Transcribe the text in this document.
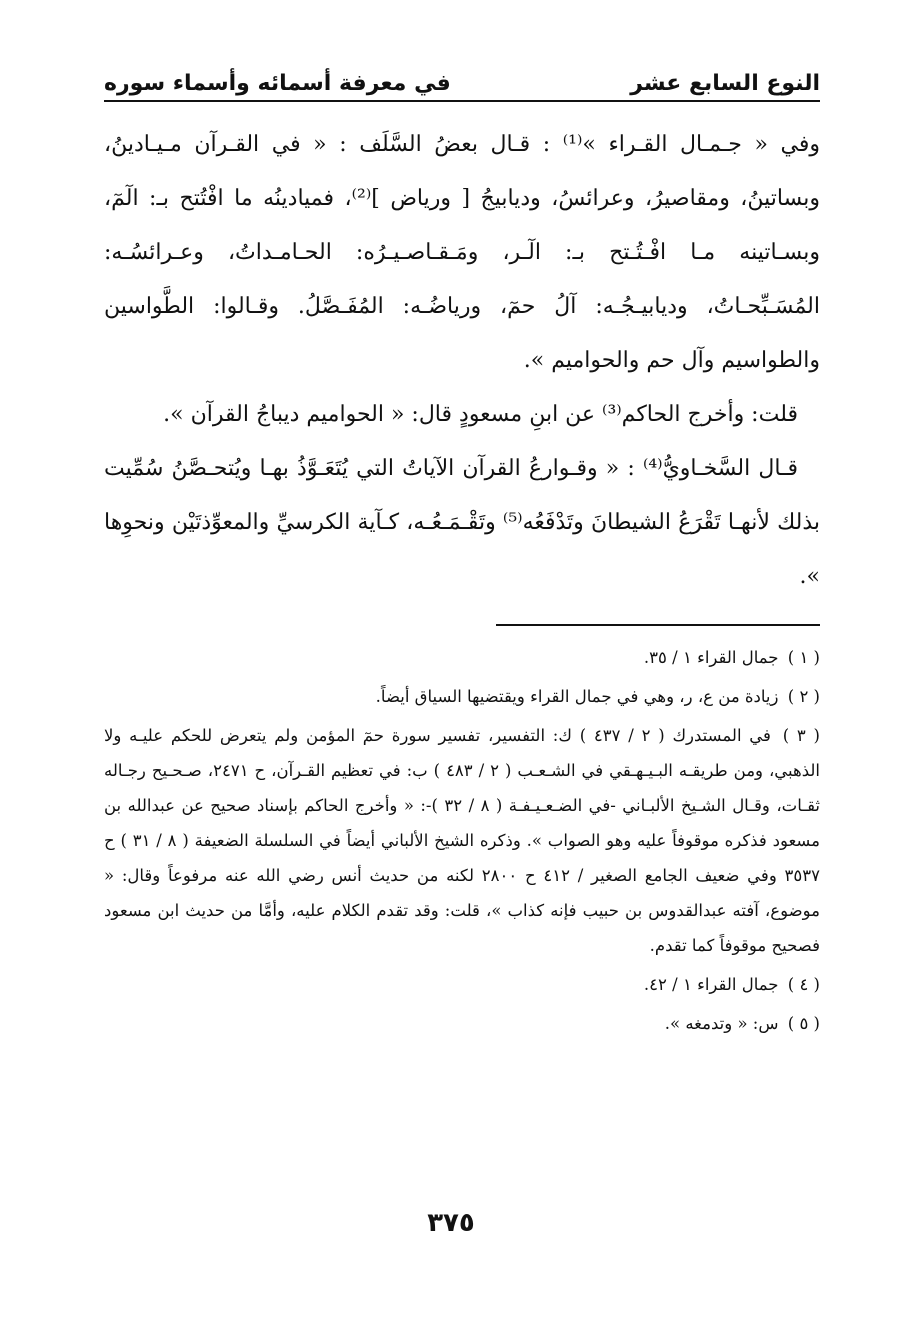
النوع السابع عشر
في معرفة أسمائه وأسماء سوره

وفي « جـمـال القـراء »⁽¹⁾ : قـال بعضُ السَّلَف : « في القـرآن مـيـادينُ، وبساتينُ، ومقاصيرُ، وعرائسُ، وديابيجُ [ ورياض ]⁽²⁾، فميادينُه ما افْتُتح بـ: الٓمٓ، وبسـاتينه مـا افْـتُـتح بـ: الٓـر، ومَـقـاصـيـرُه: الحـامـداتُ، وعـرائسُـه: المُسَـبِّحـاتُ، وديابيـجُـه: آلُ حمٓ، ورياضُـه: المُفَـصَّلُ. وقـالوا: الطَّواسين والطواسيم وآل حم والحواميم ».

قلت: وأخرج الحاكم⁽³⁾ عن ابنِ مسعودٍ قال: « الحواميم ديباجُ القرآن ».

قـال السَّخـاويُّ⁽⁴⁾ : « وقـوارعُ القرآن الآياتُ التي يُتَعَـوَّذُ بهـا ويُتحـصَّنُ سُمِّيت بذلك لأنهـا تَقْرَعُ الشيطانَ وتَدْفَعُه⁽⁵⁾ وتَقْـمَـعُـه، كـآية الكرسيِّ والمعوِّذتَيْن ونحوِها ».

( ١ ) جمال القراء ١ / ٣٥.

( ٢ ) زيادة من ع، ر، وهي في جمال القراء ويقتضيها السياق أيضاً.

( ٣ ) في المستدرك ( ٢ / ٤٣٧ ) ك: التفسير، تفسير سورة حمٓ المؤمن ولم يتعرض للحكم عليـه ولا الذهبي، ومن طريقـه البـيـهـقي في الشـعـب ( ٢ / ٤٨٣ ) ب: في تعظيم القـرآن، ح ٢٤٧١، صـحـيح رجـاله ثقـات، وقـال الشـيخ الألبـاني -في الضـعـيـفـة ( ٨ / ٣٢ )-: « وأخرج الحاكم بإسناد صحيح عن عبدالله بن مسعود فذكره موقوفاً عليه وهو الصواب ». وذكره الشيخ الألباني أيضاً في السلسلة الضعيفة ( ٨ / ٣١ ) ح ٣٥٣٧ وفي ضعيف الجامع الصغير / ٤١٢ ح ٢٨٠٠ لكنه من حديث أنس رضي الله عنه مرفوعاً وقال: « موضوع، آفته عبدالقدوس بن حبيب فإنه كذاب »، قلت: وقد تقدم الكلام عليه، وأمَّا من حديث ابن مسعود فصحيح موقوفاً كما تقدم.

( ٤ ) جمال القراء ١ / ٤٢.

( ٥ ) س: « وتدمغه ».

٣٧٥
